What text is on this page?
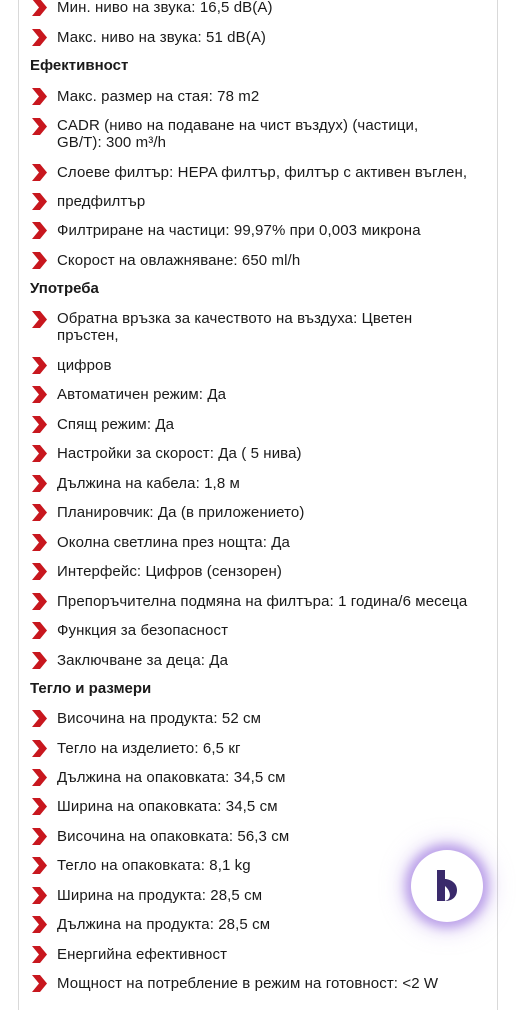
Мин. ниво на звука: 16,5 dB(A)
Макс. ниво на звука: 51 dB(A)
Ефективност
Макс. размер на стая: 78 m2
CADR (ниво на подаване на чист въздух) (частици, GB/T): 300 m³/h
Слоеве филтър: HEPA филтър, филтър с активен въглен,
предфилтър
Филтриране на частици: 99,97% при 0,003 микрона
Скорост на овлажняване: 650 ml/h
Употреба
Обратна връзка за качеството на въздуха: Цветен пръстен,
цифров
Автоматичен режим: Да
Спящ режим: Да
Настройки за скорост: Да ( 5 нива)
Дължина на кабела: 1,8 м
Планировчик: Да (в приложението)
Околна светлина през нощта: Да
Интерфейс: Цифров (сензорен)
Препоръчителна подмяна на филтъра: 1 година/6 месеца
Функция за безопасност
Заключване за деца: Да
Тегло и размери
Височина на продукта: 52 см
Тегло на изделието: 6,5 кг
Дължина на опаковката: 34,5 см
Ширина на опаковката: 34,5 см
Височина на опаковката: 56,3 см
Тегло на опаковката: 8,1 kg
Ширина на продукта: 28,5 см
Дължина на продукта: 28,5 см
Енергийна ефективност
Мощност на потребление в режим на готовност: <2 W
